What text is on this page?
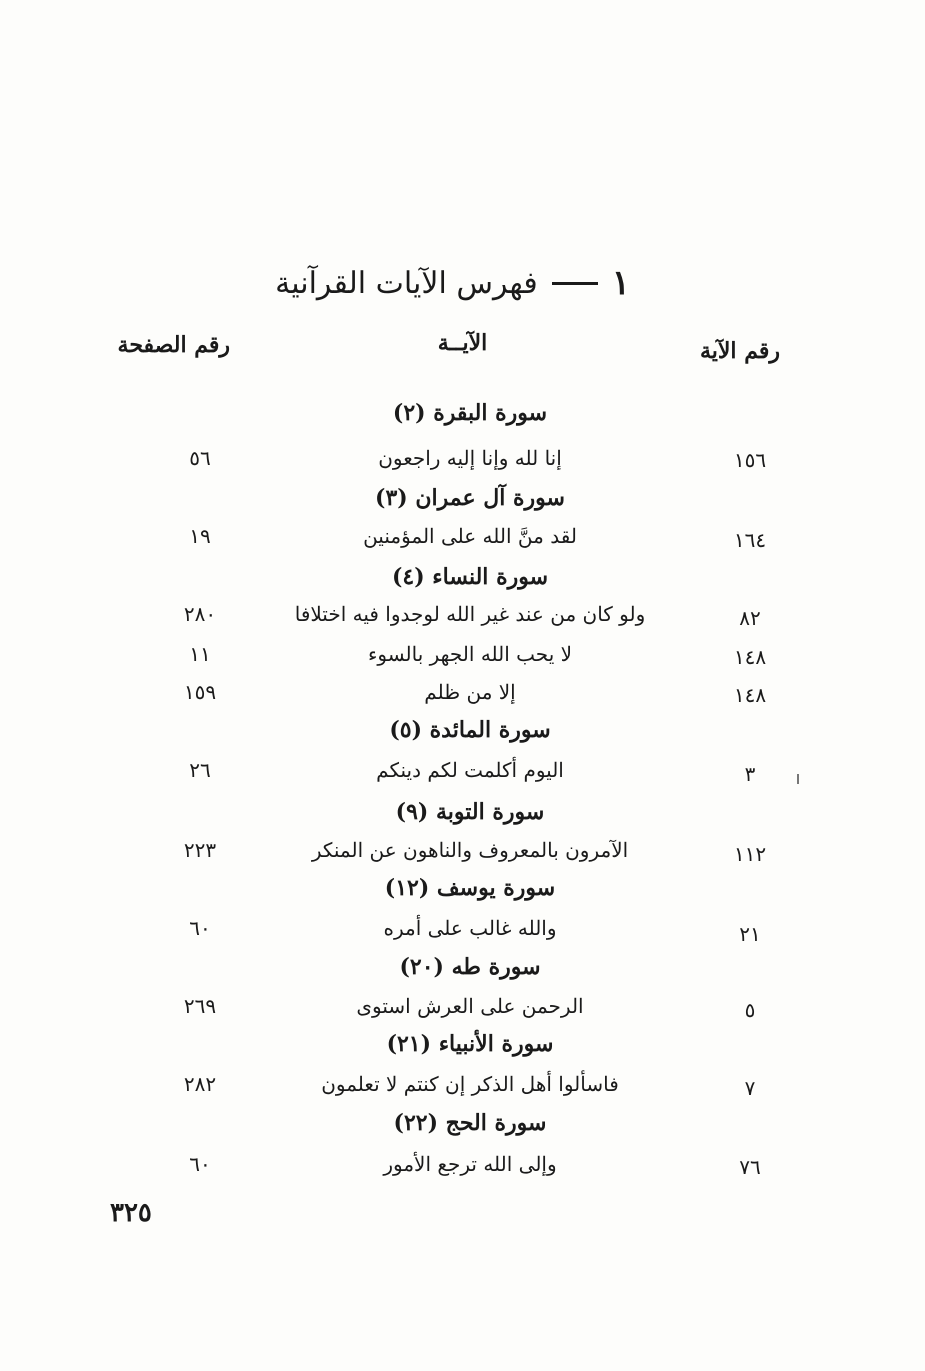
١
فهرس الآيات القرآنية
رقم الآية
الآيــة
رقم الصفحة
سورة البقرة (٢)
١٥٦
إنا لله وإنا إليه راجعون
٥٦
سورة آل عمران (٣)
١٦٤
لقد منَّ الله على المؤمنين
١٩
سورة النساء (٤)
٨٢
ولو كان من عند غير الله لوجدوا فيه اختلافا
٢٨٠
١٤٨
لا يحب الله الجهر بالسوء
١١
١٤٨
إلا من ظلم
١٥٩
سورة المائدة (٥)
٣
اليوم أكلمت لكم دينكم
٢٦
سورة التوبة (٩)
١١٢
الآمرون بالمعروف والناهون عن المنكر
٢٢٣
سورة يوسف (١٢)
٢١
والله غالب على أمره
٦٠
سورة طه (٢٠)
٥
الرحمن على العرش استوى
٢٦٩
سورة الأنبياء (٢١)
٧
فاسألوا أهل الذكر إن كنتم لا تعلمون
٢٨٢
سورة الحج (٢٢)
٧٦
وإلى الله ترجع الأمور
٦٠
٣٢٥
